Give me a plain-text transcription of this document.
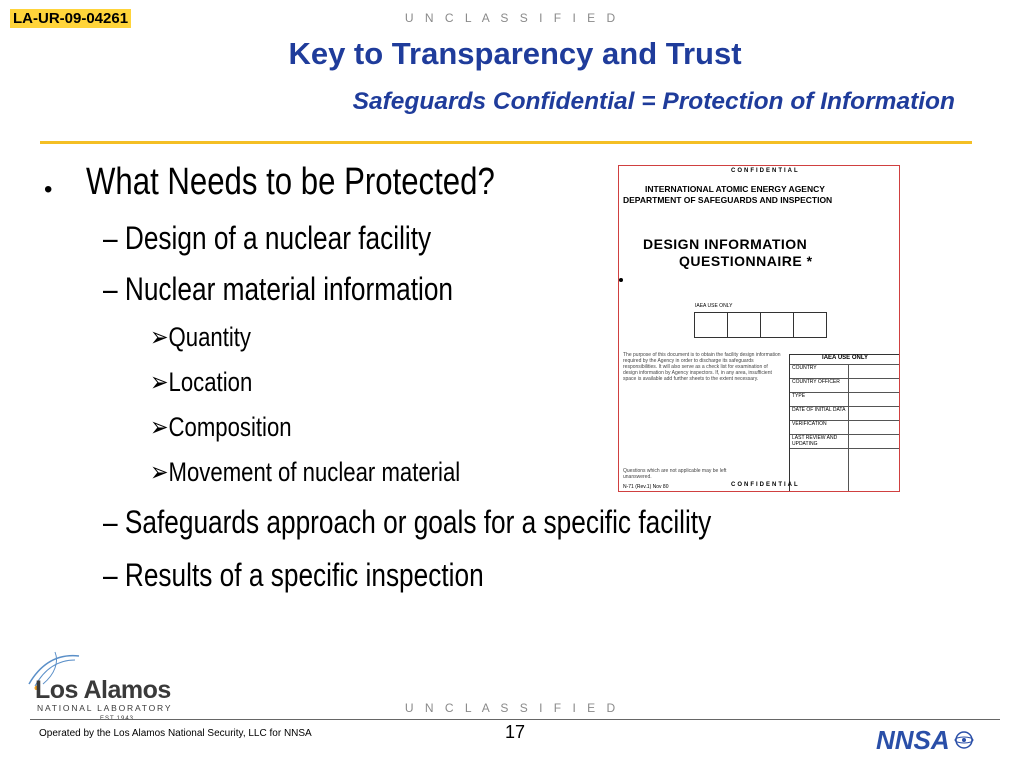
LA-UR-09-04261	U N C L A S S I F I E D
Key to Transparency and Trust
Safeguards Confidential = Protection of Information
• What Needs to be Protected?
– Design of a nuclear facility
– Nuclear material information
➢Quantity
➢Location
➢Composition
➢Movement of nuclear material
– Safeguards approach or goals for a specific facility
– Results of a specific inspection
CONFIDENTIAL
INTERNATIONAL ATOMIC ENERGY AGENCY
DEPARTMENT OF SAFEGUARDS AND INSPECTION
DESIGN INFORMATION
QUESTIONNAIRE *
IAEA USE ONLY
The purpose of this document is to obtain the facility design information required by the Agency in order to discharge its safeguards responsibilities. It will also serve as a check list for examination of design information by Agency inspectors. If, in any area, insufficient space is available add further sheets to the extent necessary.
IAEA USE ONLY
COUNTRY
COUNTRY OFFICER
TYPE
DATE OF INITIAL DATA
VERIFICATION
LAST REVIEW AND UPDATING
Questions which are not applicable may be left unanswered.
N-71 (Rev.1) Nov 80	CONFIDENTIAL
Los Alamos
NATIONAL LABORATORY	U N C L A S S I F I E D
Operated by the Los Alamos National Security, LLC for NNSA	17	NNSA
